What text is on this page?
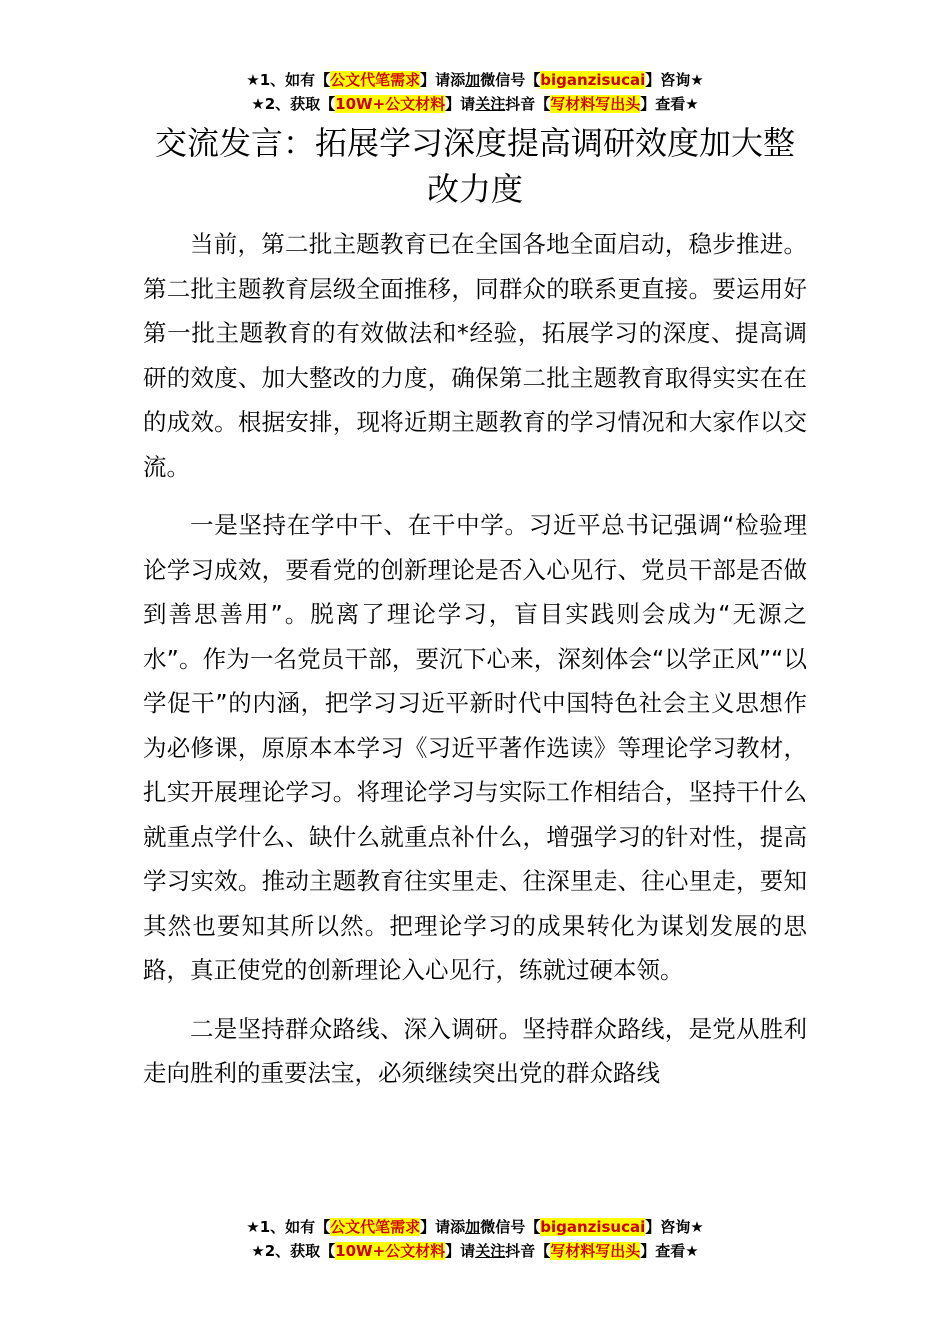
★1、如有【公文代笔需求】请添加微信号【biganzisucai】咨询★
★2、获取【10W+公文材料】请关注抖音【写材料写出头】查看★
交流发言：拓展学习深度提高调研效度加大整改力度

当前，第二批主题教育已在全国各地全面启动，稳步推进。第二批主题教育层级全面推移，同群众的联系更直接。要运用好第一批主题教育的有效做法和*经验，拓展学习的深度、提高调研的效度、加大整改的力度，确保第二批主题教育取得实实在在的成效。根据安排，现将近期主题教育的学习情况和大家作以交流。

一是坚持在学中干、在干中学。习近平总书记强调“检验理论学习成效，要看党的创新理论是否入心见行、党员干部是否做到善思善用”。脱离了理论学习，盲目实践则会成为“无源之水”。作为一名党员干部，要沉下心来，深刻体会“以学正风”“以学促干”的内涵，把学习习近平新时代中国特色社会主义思想作为必修课，原原本本学习《习近平著作选读》等理论学习教材，扎实开展理论学习。将理论学习与实际工作相结合，坚持干什么就重点学什么、缺什么就重点补什么，增强学习的针对性，提高学习实效。推动主题教育往实里走、往深里走、往心里走，要知其然也要知其所以然。把理论学习的成果转化为谋划发展的思路，真正使党的创新理论入心见行，练就过硬本领。

二是坚持群众路线、深入调研。坚持群众路线，是党从胜利走向胜利的重要法宝，必须继续突出党的群众路线

★1、如有【公文代笔需求】请添加微信号【biganzisucai】咨询★
★2、获取【10W+公文材料】请关注抖音【写材料写出头】查看★
